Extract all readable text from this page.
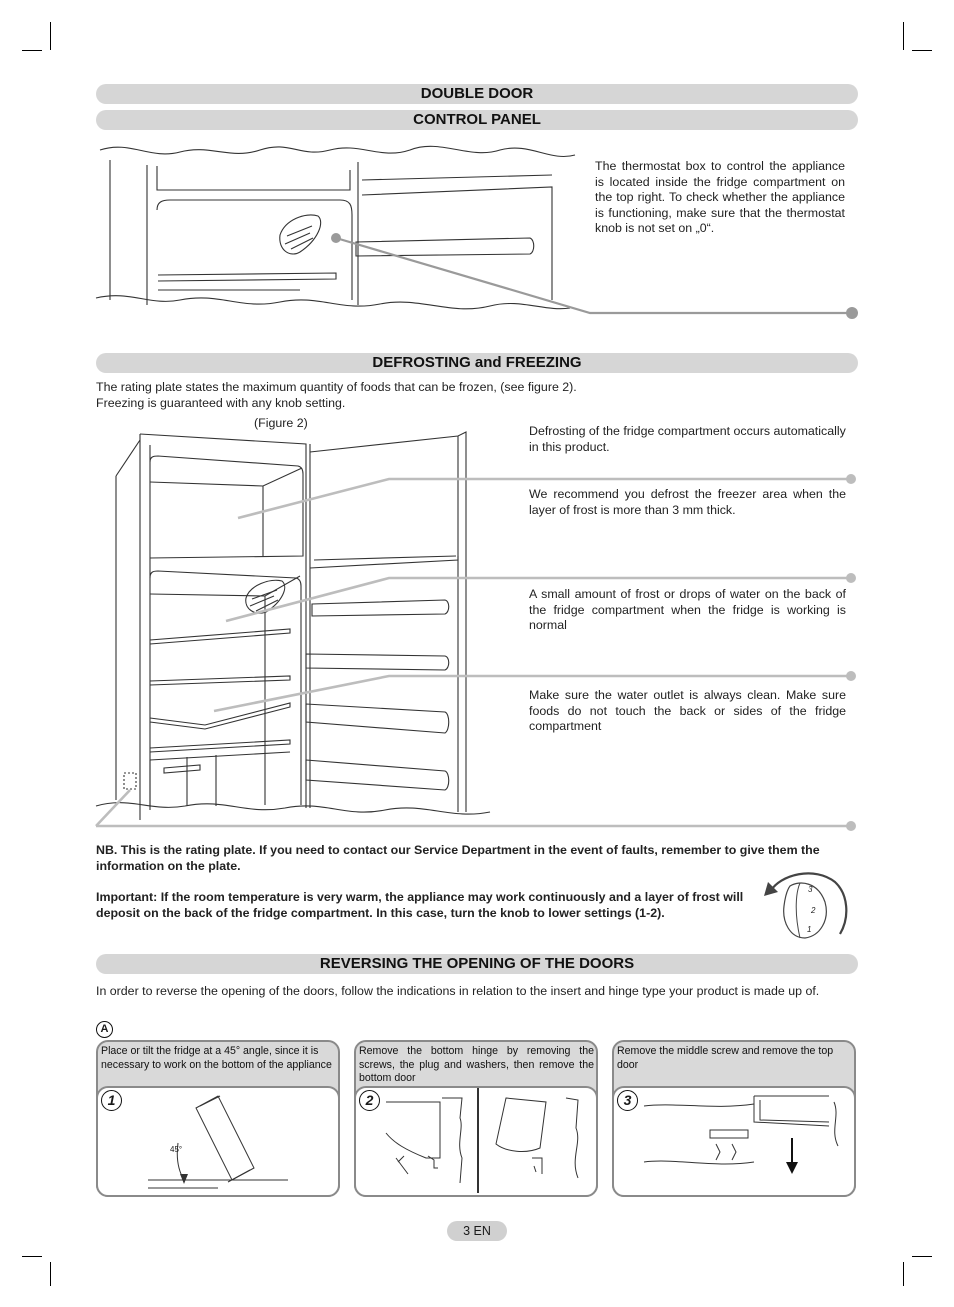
DOUBLE DOOR
CONTROL PANEL
The thermostat box to control the appliance is located inside the fridge compartment on the top right. To check whether the appliance is functioning, make sure that the thermostat knob is not set on „0“.
DEFROSTING and FREEZING
The rating plate states the maximum quantity of foods that can be frozen, (see figure 2).
Freezing is guaranteed with any knob setting.
(Figure 2)
Defrosting of the fridge compartment occurs automatically in this product.
We recommend you defrost the freezer area when the layer of frost is more than 3 mm thick.
A small amount of frost or drops of water on the back of the fridge compartment when the fridge is working is normal
Make sure the water outlet is always clean. Make sure foods do not touch the back or sides of the fridge compartment
NB. This is the rating plate. If you need to contact our Service Department in the event of faults, remember to give them the information on the plate.
Important: If the room temperature is very warm, the appliance may work continuously and a layer of frost will deposit on the back of the fridge compartment. In this case, turn the knob to lower settings (1-2).
3
2
1
REVERSING THE OPENING OF THE DOORS
In order to reverse the opening of the doors, follow the indications in relation to the insert and hinge type your product is made up of.
A
Place or tilt the fridge at a 45° angle, since it is necessary to work on the bottom of the appliance
45°
1
Remove the bottom hinge by removing the screws, the plug and washers, then remove the bottom door
2
Remove the middle screw and remove the top door
3
3 EN
